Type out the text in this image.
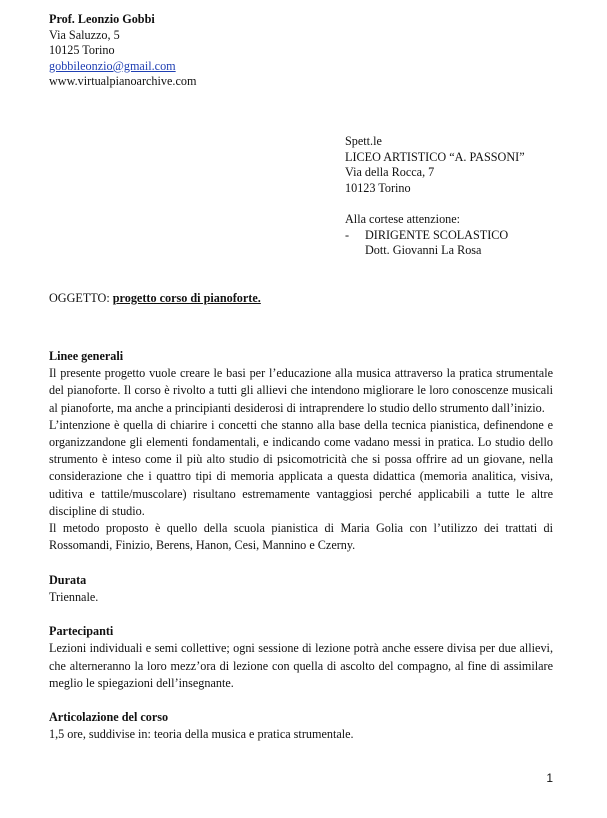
Prof. Leonzio Gobbi
Via Saluzzo, 5
10125 Torino
gobbileonzio@gmail.com
www.virtualpianoarchive.com
Spett.le
LICEO ARTISTICO “A. PASSONI”
Via della Rocca, 7
10123 Torino
Alla cortese attenzione:
-	DIRIGENTE SCOLASTICO
Dott. Giovanni La Rosa
OGGETTO: progetto corso di pianoforte.
Linee generali

Il presente progetto vuole creare le basi per l’educazione alla musica attraverso la pratica strumentale del pianoforte. Il corso è rivolto a tutti gli allievi che intendono migliorare le loro conoscenze musicali al pianoforte, ma anche a principianti desiderosi di intraprendere lo studio dello strumento dall’inizio.

L’intenzione è quella di chiarire i concetti che stanno alla base della tecnica pianistica, definendone e organizzandone gli elementi fondamentali, e indicando come vadano messi in pratica. Lo studio dello strumento è inteso come il più alto studio di psicomotricità che si possa offrire ad un giovane, nella considerazione che i quattro tipi di memoria applicata a questa didattica (memoria analitica, visiva, uditiva e tattile/muscolare) risultano estremamente vantaggiosi perché applicabili a tutte le altre discipline di studio.

Il metodo proposto è quello della scuola pianistica di Maria Golia con l’utilizzo dei trattati di Rossomandi, Finizio, Berens, Hanon, Cesi, Mannino e Czerny.

Durata

Triennale.

Partecipanti

Lezioni individuali e semi collettive; ogni sessione di lezione potrà anche essere divisa per due allievi, che alterneranno la loro mezz’ora di lezione con quella di ascolto del compagno, al fine di assimilare meglio le spiegazioni dell’insegnante.

Articolazione del corso

1,5 ore, suddivise in: teoria della musica e pratica strumentale.

1
